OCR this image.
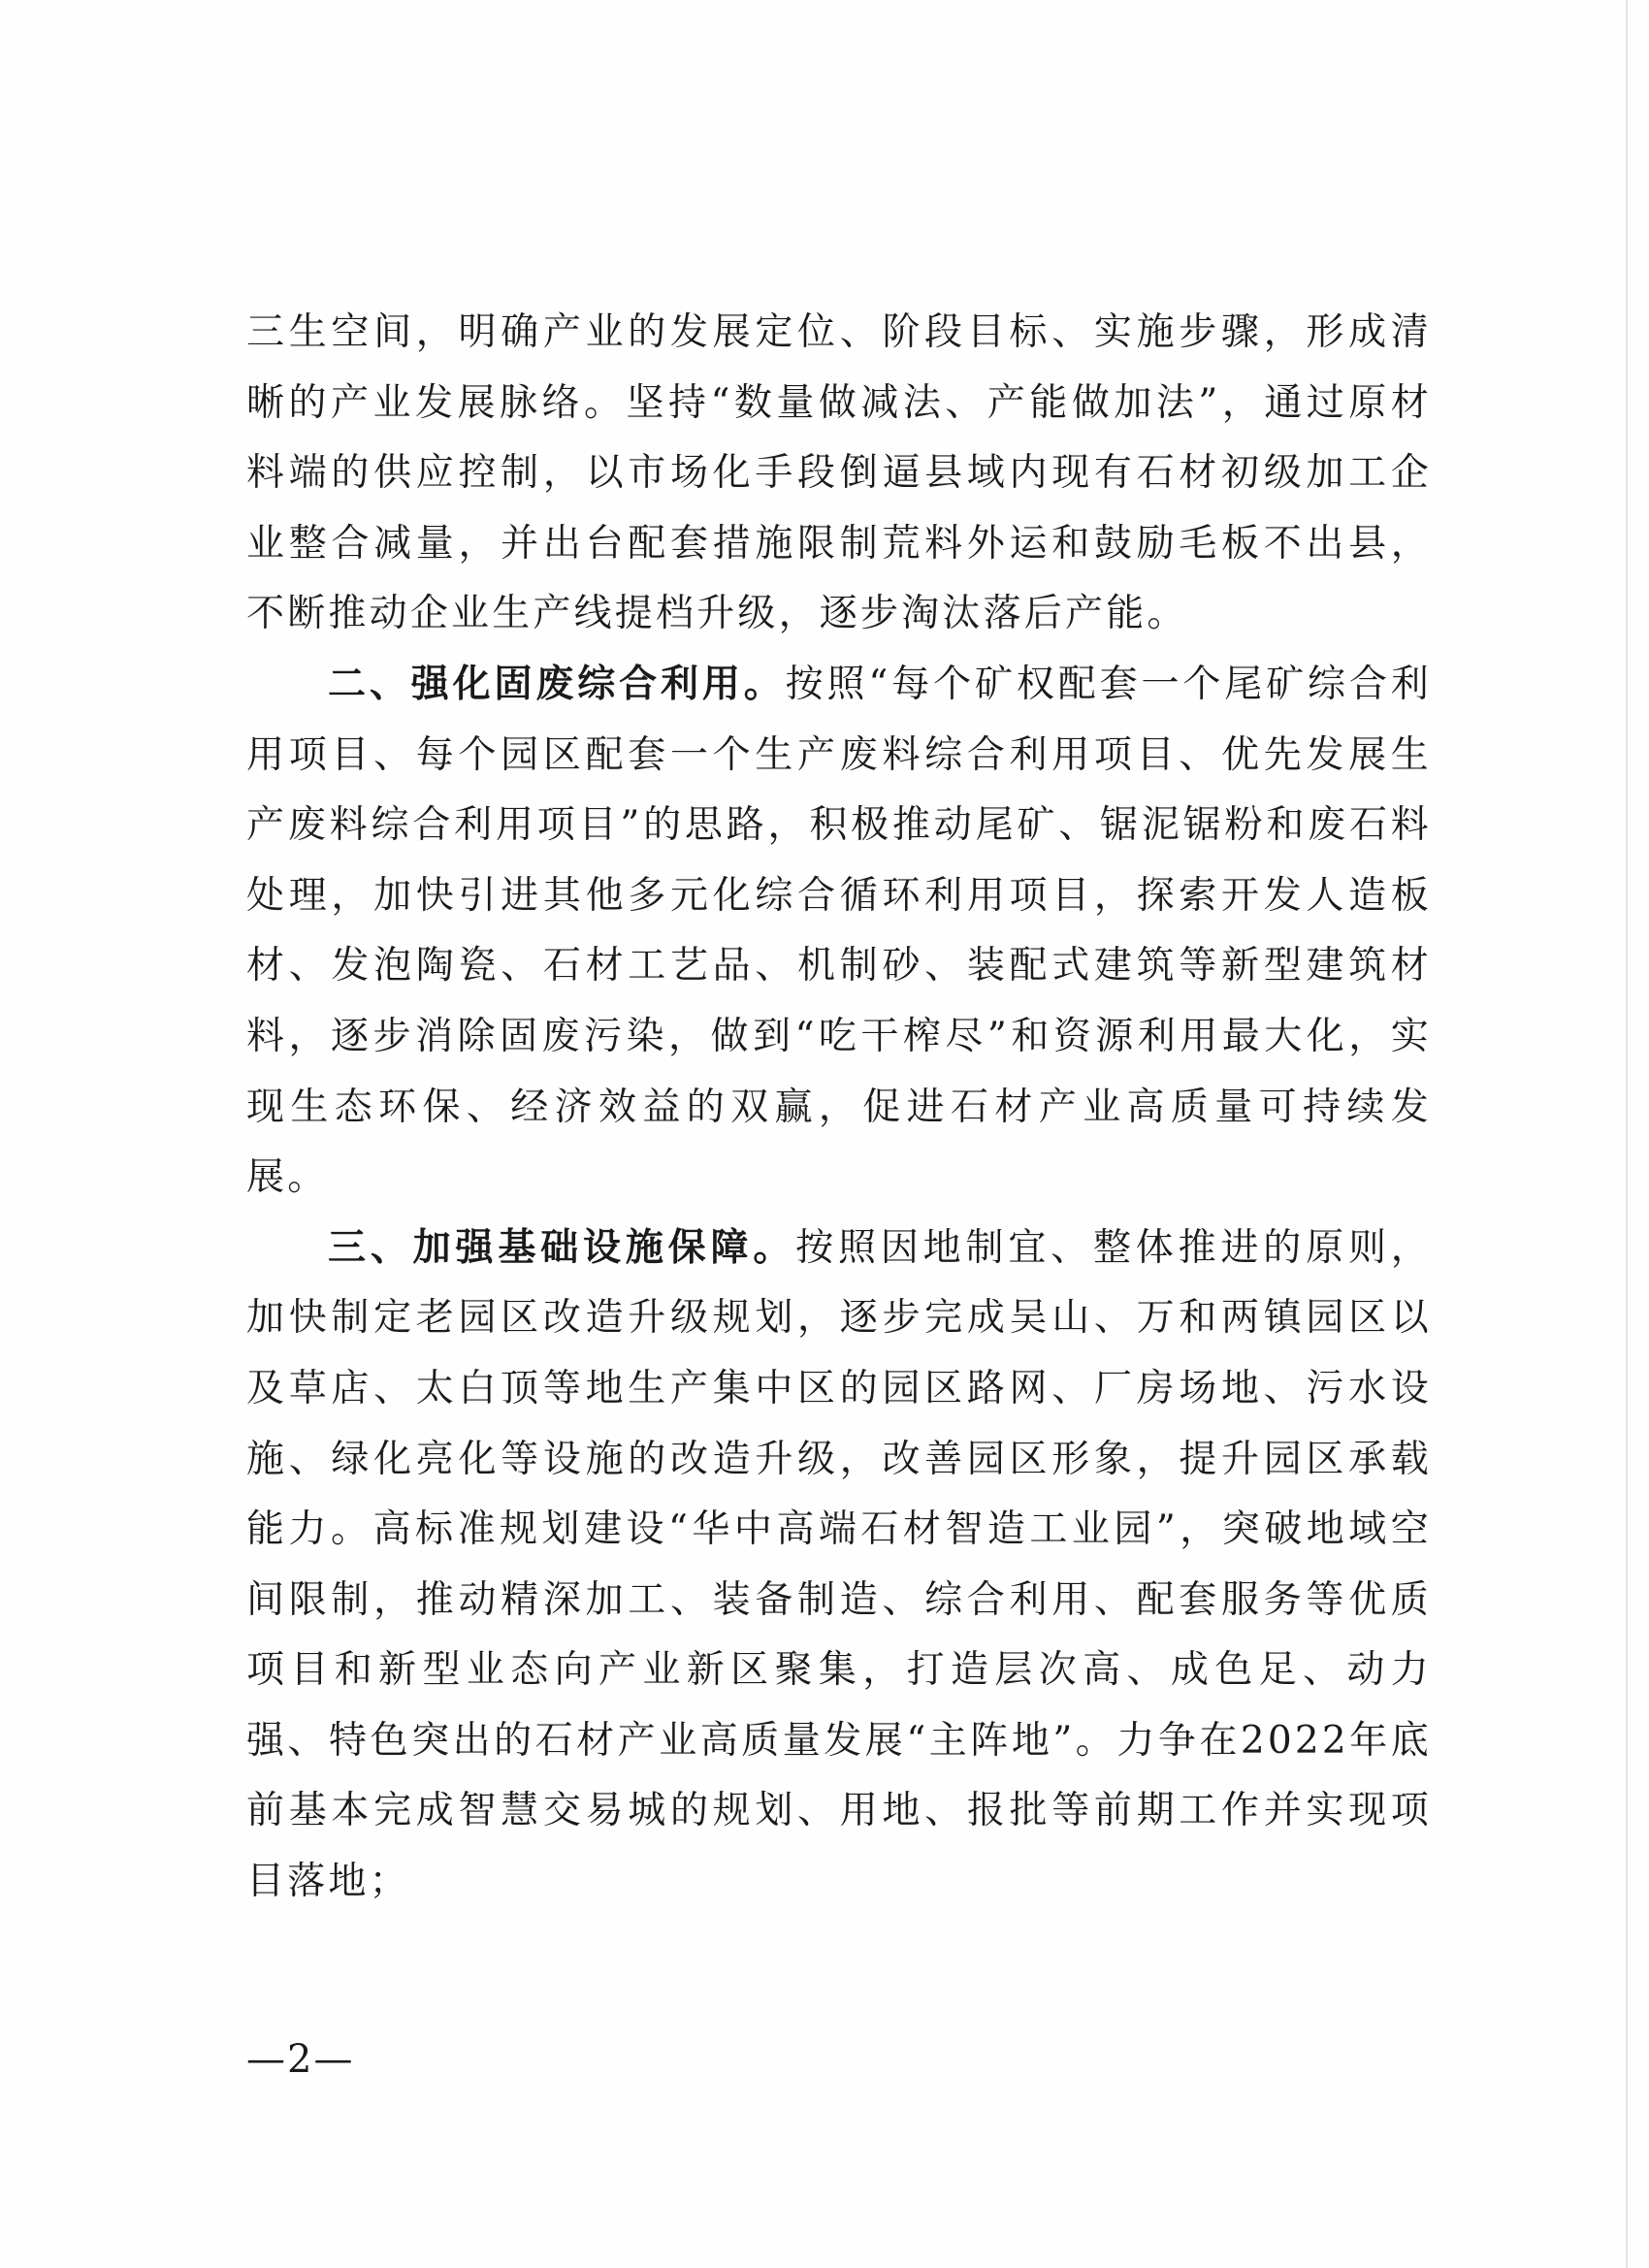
三生空间，明确产业的发展定位、阶段目标、实施步骤，形成清晰的产业发展脉络。坚持“数量做减法、产能做加法”，通过原材料端的供应控制，以市场化手段倒逼县域内现有石材初级加工企业整合减量，并出台配套措施限制荒料外运和鼓励毛板不出县，不断推动企业生产线提档升级，逐步淘汰落后产能。

二、强化固废综合利用。按照“每个矿权配套一个尾矿综合利用项目、每个园区配套一个生产废料综合利用项目、优先发展生产废料综合利用项目”的思路，积极推动尾矿、锯泥锯粉和废石料处理，加快引进其他多元化综合循环利用项目，探索开发人造板材、发泡陶瓷、石材工艺品、机制砂、装配式建筑等新型建筑材料，逐步消除固废污染，做到“吃干榨尽”和资源利用最大化，实现生态环保、经济效益的双赢，促进石材产业高质量可持续发展。

三、加强基础设施保障。按照因地制宜、整体推进的原则，加快制定老园区改造升级规划，逐步完成吴山、万和两镇园区以及草店、太白顶等地生产集中区的园区路网、厂房场地、污水设施、绿化亮化等设施的改造升级，改善园区形象，提升园区承载能力。高标准规划建设“华中高端石材智造工业园”，突破地域空间限制，推动精深加工、装备制造、综合利用、配套服务等优质项目和新型业态向产业新区聚集，打造层次高、成色足、动力强、特色突出的石材产业高质量发展“主阵地”。力争在2022年底前基本完成智慧交易城的规划、用地、报批等前期工作并实现项目落地；

—2—
